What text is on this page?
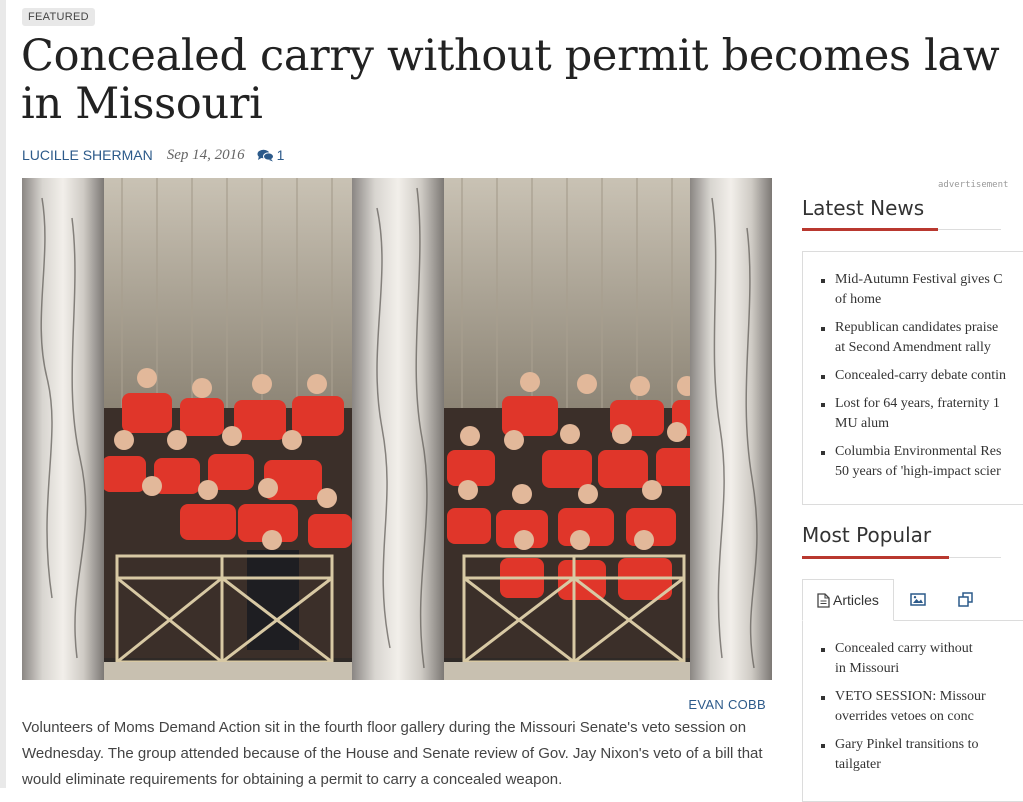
FEATURED
Concealed carry without permit becomes law in Missouri
LUCILLE SHERMAN Sep 14, 2016 1
EVAN COBB

Volunteers of Moms Demand Action sit in the fourth floor gallery during the Missouri Senate's veto session on Wednesday. The group attended because of the House and Senate review of Gov. Jay Nixon's veto of a bill that would eliminate requirements for obtaining a permit to carry a concealed weapon.

advertisement
Latest News
Mid-Autumn Festival gives C
of home
Republican candidates praise
at Second Amendment rally
Concealed-carry debate contin
Lost for 64 years, fraternity 1
MU alum
Columbia Environmental Res
50 years of 'high-impact scier
Most Popular
Concealed carry without
in Missouri
VETO SESSION: Missour
overrides vetoes on conc
Gary Pinkel transitions to
tailgater
Articles
